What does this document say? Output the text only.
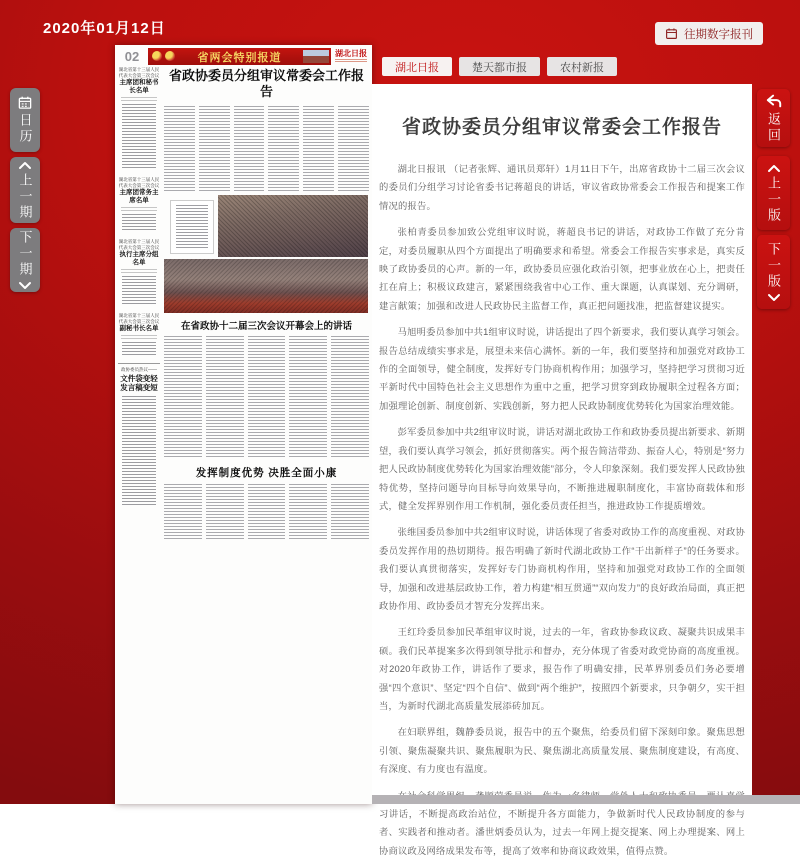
2020年01月12日	往期数字报刊
湖北日报	楚天都市报	农村新报
日历
上一期
下一期
返回
上一版
下一版
02	省两会特别报道	湖北日报
湖北省第十三届人民代表大会第三次会议
主席团和秘书长名单
湖北省第十三届人民代表大会第三次会议
主席团常务主席名单
湖北省第十三届人民代表大会第三次会议
执行主席分组名单
湖北省第十三届人民代表大会第三次会议
副秘书长名单
政协委员热议——
文件袋变轻 发言稿变短
省政协委员分组审议常委会工作报告
在省政协十二届三次会议开幕会上的讲话
发挥制度优势 决胜全面小康
省政协委员分组审议常委会工作报告

湖北日报讯 （记者张辉、通讯员郑轩）1月11日下午，出席省政协十二届三次会议的委员们分组学习讨论省委书记蒋超良的讲话，审议省政协常委会工作报告和提案工作情况的报告。

张柏青委员参加致公党组审议时说，蒋超良书记的讲话，对政协工作做了充分肯定，对委员履职从四个方面提出了明确要求和希望。常委会工作报告实事求是，真实反映了政协委员的心声。新的一年，政协委员应强化政治引领，把事业放在心上，把责任扛在肩上；积极议政建言，紧紧围绕我省中心工作、重大课题，认真谋划、充分调研，建言献策；加强和改进人民政协民主监督工作，真正把问题找准，把监督建议提实。

马旭明委员参加中共1组审议时说，讲话提出了四个新要求，我们要认真学习领会。报告总结成绩实事求是，展望未来信心满怀。新的一年，我们要坚持和加强党对政协工作的全面领导，健全制度，发挥好专门协商机构作用；加强学习，坚持把学习贯彻习近平新时代中国特色社会主义思想作为重中之重，把学习贯穿到政协履职全过程各方面；加强理论创新、制度创新、实践创新，努力把人民政协制度优势转化为国家治理效能。

彭军委员参加中共2组审议时说，讲话对湖北政协工作和政协委员提出新要求、新期望，我们要认真学习领会，抓好贯彻落实。两个报告简洁带劲、振奋人心，特别是“努力把人民政协制度优势转化为国家治理效能”部分，令人印象深刻。我们要发挥人民政协独特优势，坚持问题导向目标导向效果导向，不断推进履职制度化，丰富协商载体和形式，健全发挥界别作用工作机制，强化委员责任担当，推进政协工作提质增效。

张维国委员参加中共2组审议时说，讲话体现了省委对政协工作的高度重视、对政协委员发挥作用的热切期待。报告明确了新时代湖北政协工作“干出新样子”的任务要求。我们要认真贯彻落实，发挥好专门协商机构作用，坚持和加强党对政协工作的全面领导，加强和改进基层政协工作，着力构建“相互贯通”“双向发力”的良好政治局面，真正把政协作用、政协委员才智充分发挥出来。

王红玲委员参加民革组审议时说，过去的一年，省政协参政议政、凝聚共识成果丰硕。我们民革提案多次得到领导批示和督办，充分体现了省委对政党协商的高度重视。对2020年政协工作，讲话作了要求，报告作了明确安排，民革界别委员们务必要增强“四个意识”、坚定“四个自信”、做到“两个维护”，按照四个新要求，只争朝夕，实干担当，为新时代湖北高质量发展添砖加瓦。

在妇联界组，魏静委员说，报告中的五个聚焦，给委员们留下深刻印象。聚焦思想引领、聚焦凝聚共识、聚焦履职为民、聚焦湖北高质量发展、聚焦制度建设，有高度、有深度、有力度也有温度。

习讲话，不断提高政治站位，不断提升各方面能力，争做新时代人民政协制度的参与者、实践者和推动者。潘世炳委员认为，过去一年网上提交提案、网上办理提案、网上协商议政及网络成果发布等，提高了效率和协商议政效果，值得点赞。
